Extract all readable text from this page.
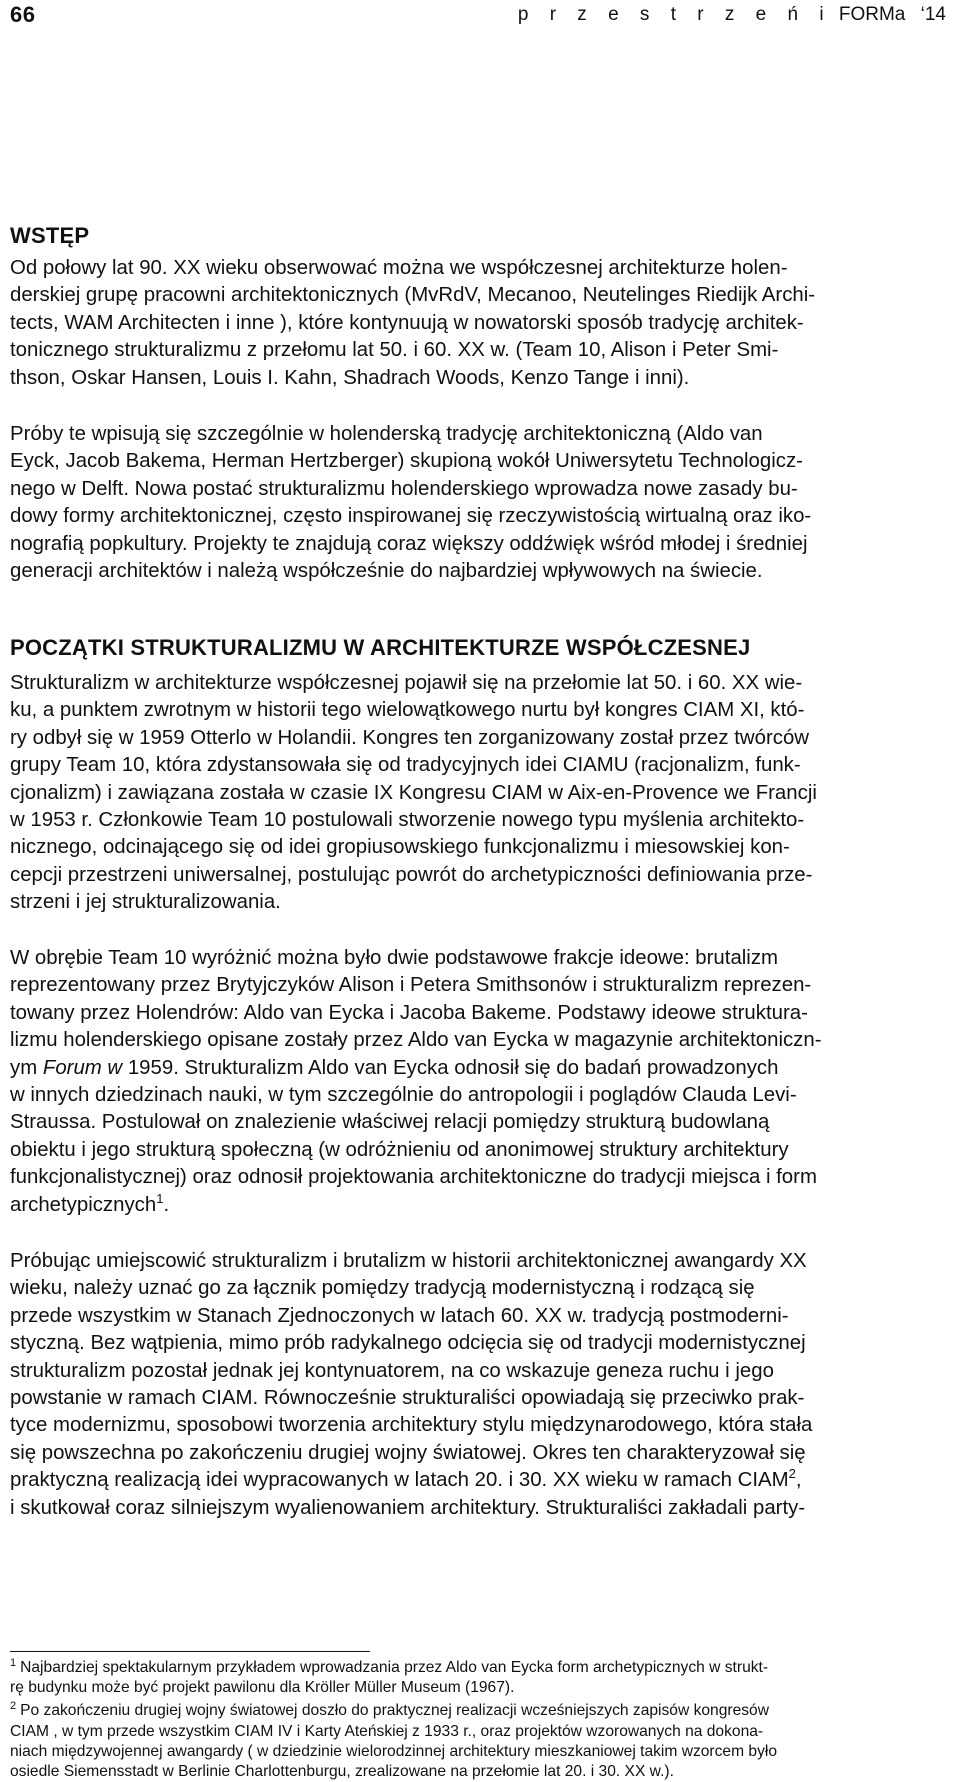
66	p r z e s t r z e ń i FORMa ‘14
WSTĘP

Od połowy lat 90. XX wieku obserwować można we współczesnej architekturze holen-
derskiej grupę pracowni architektonicznych (MvRdV, Mecanoo, Neutelinges Riedijk Archi-
tects, WAM Architecten i inne ), które kontynuują w nowatorski sposób tradycję architek-
tonicznego strukturalizmu z przełomu lat 50. i 60. XX w. (Team 10, Alison i Peter Smi-
thson, Oskar Hansen, Louis I. Kahn, Shadrach Woods, Kenzo Tange i inni).

Próby te wpisują się szczególnie w holenderską tradycję architektoniczną (Aldo van
Eyck, Jacob Bakema, Herman Hertzberger) skupioną wokół Uniwersytetu Technologicz-
nego w Delft. Nowa postać strukturalizmu holenderskiego wprowadza nowe zasady bu-
dowy formy architektonicznej, często inspirowanej się rzeczywistością wirtualną oraz iko-
nografią popkultury. Projekty te znajdują coraz większy oddźwięk wśród młodej i średniej
generacji architektów i należą współcześnie do najbardziej wpływowych na świecie.

POCZĄTKI STRUKTURALIZMU W ARCHITEKTURZE WSPÓŁCZESNEJ

Strukturalizm w architekturze współczesnej pojawił się na przełomie lat 50. i 60. XX wie-
ku, a punktem zwrotnym w historii tego wielowątkowego nurtu był kongres CIAM XI, któ-
ry odbył się w 1959 Otterlo w Holandii. Kongres ten zorganizowany został przez twórców
grupy Team 10, która zdystansowała się od tradycyjnych idei CIAMU (racjonalizm, funk-
cjonalizm) i zawiązana została w czasie IX Kongresu CIAM w Aix-en-Provence we Francji
w 1953 r. Członkowie Team 10 postulowali stworzenie nowego typu myślenia architekto-
nicznego, odcinającego się od idei gropiusowskiego funkcjonalizmu i miesowskiej kon-
cepcji przestrzeni uniwersalnej, postulując powrót do archetypiczności definiowania prze-
strzeni i jej strukturalizowania.

W obrębie Team 10 wyróżnić można było dwie podstawowe frakcje ideowe: brutalizm
reprezentowany przez Brytyjczyków Alison i Petera Smithsonów i strukturalizm reprezen-
towany przez Holendrów: Aldo van Eycka i Jacoba Bakeme. Podstawy ideowe struktura-
lizmu holenderskiego opisane zostały przez Aldo van Eycka w magazynie architektoniczn-
ym Forum w 1959. Strukturalizm Aldo van Eycka odnosił się do badań prowadzonych
w innych dziedzinach nauki, w tym szczególnie do antropologii i poglądów Clauda Levi-
Straussa. Postulował on znalezienie właściwej relacji pomiędzy strukturą budowlaną
obiektu i jego strukturą społeczną (w odróżnieniu od anonimowej struktury architektury
funkcjonalistycznej) oraz odnosił projektowania architektoniczne do tradycji miejsca i form
archetypicznych$^1$.

Próbując umiejscowić strukturalizm i brutalizm w historii architektonicznej awangardy XX
wieku, należy uznać go za łącznik pomiędzy tradycją modernistyczną i rodzącą się
przede wszystkim w Stanach Zjednoczonych w latach 60. XX w. tradycją postmoderni-
styczną. Bez wątpienia, mimo prób radykalnego odcięcia się od tradycji modernistycznej
strukturalizm pozostał jednak jej kontynuatorem, na co wskazuje geneza ruchu i jego
powstanie w ramach CIAM. Równocześnie strukturaliści opowiadają się przeciwko prak-
tyce modernizmu, sposobowi tworzenia architektury stylu międzynarodowego, która stała
się powszechna po zakończeniu drugiej wojny światowej. Okres ten charakteryzował się
praktyczną realizacją idei wypracowanych w latach 20. i 30. XX wieku w ramach CIAM$^2$,
i skutkował coraz silniejszym wyalienowaniem architektury. Strukturaliści zakładali party-

$^1$ Najbardziej spektakularnym przykładem wprowadzania przez Aldo van Eycka form archetypicznych w strukt-
rę budynku może być projekt pawilonu dla Kröller Müller Museum (1967).

$^2$ Po zakończeniu drugiej wojny światowej doszło do praktycznej realizacji wcześniejszych zapisów kongresów
CIAM , w tym przede wszystkim CIAM IV i Karty Ateńskiej z 1933 r., oraz projektów wzorowanych na dokona-
niach międzywojennej awangardy ( w dziedzinie wielorodzinnej architektury mieszkaniowej takim wzorcem było
osiedle Siemensstadt w Berlinie Charlottenburgu, zrealizowane na przełomie lat 20. i 30. XX w.).
